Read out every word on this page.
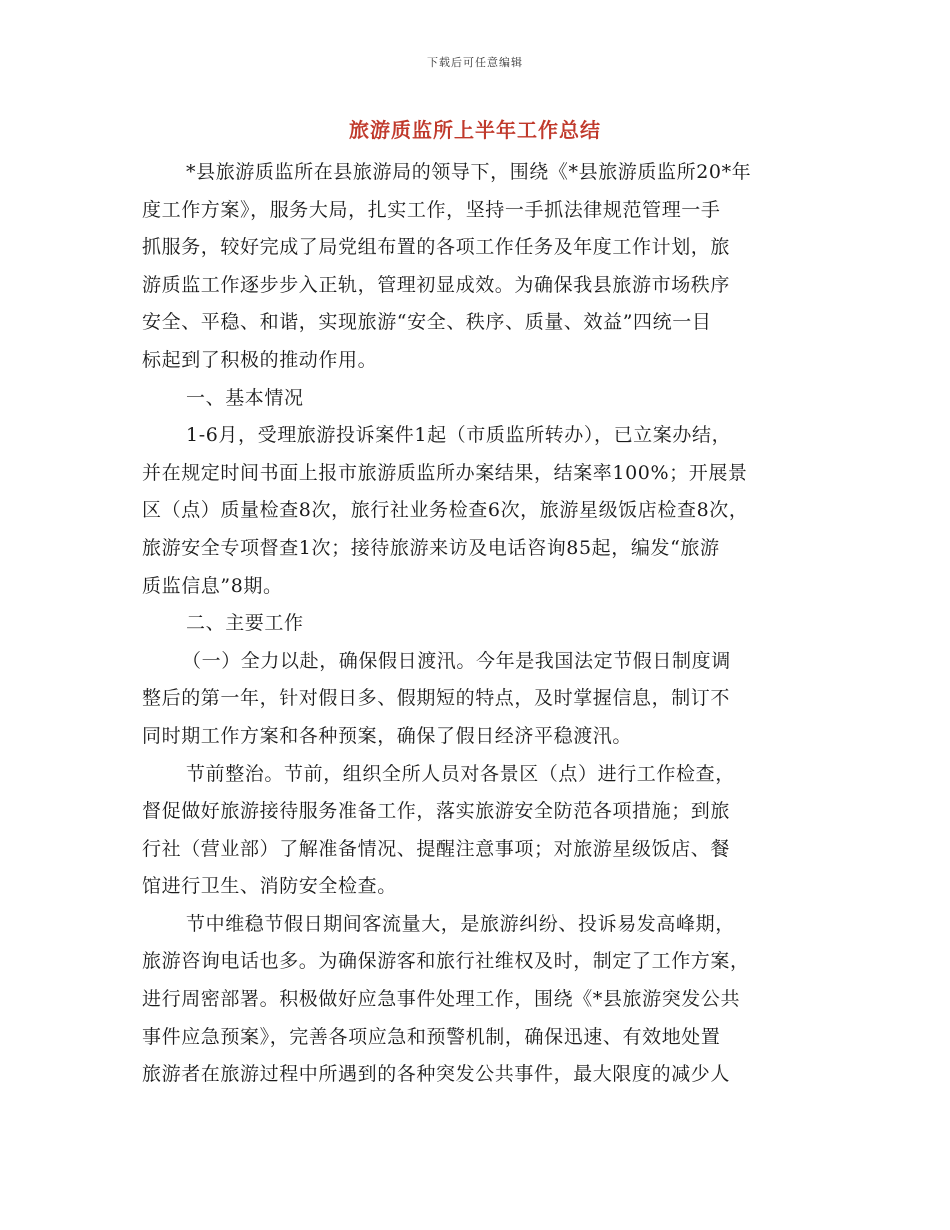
下载后可任意编辑
旅游质监所上半年工作总结
*县旅游质监所在县旅游局的领导下，围绕《*县旅游质监所20*年
度工作方案》，服务大局，扎实工作，坚持一手抓法律规范管理一手
抓服务，较好完成了局党组布置的各项工作任务及年度工作计划，旅
游质监工作逐步步入正轨，管理初显成效。为确保我县旅游市场秩序
安全、平稳、和谐，实现旅游“安全、秩序、质量、效益”四统一目
标起到了积极的推动作用。
一、基本情况
1-6月，受理旅游投诉案件1起（市质监所转办），已立案办结，
并在规定时间书面上报市旅游质监所办案结果，结案率100%；开展景
区（点）质量检查8次，旅行社业务检查6次，旅游星级饭店检查8次，
旅游安全专项督查1次；接待旅游来访及电话咨询85起，编发“旅游
质监信息”8期。
二、主要工作
（一）全力以赴，确保假日渡汛。今年是我国法定节假日制度调
整后的第一年，针对假日多、假期短的特点，及时掌握信息，制订不
同时期工作方案和各种预案，确保了假日经济平稳渡汛。
节前整治。节前，组织全所人员对各景区（点）进行工作检查，
督促做好旅游接待服务准备工作，落实旅游安全防范各项措施；到旅
行社（营业部）了解准备情况、提醒注意事项；对旅游星级饭店、餐
馆进行卫生、消防安全检查。
节中维稳节假日期间客流量大，是旅游纠纷、投诉易发高峰期，
旅游咨询电话也多。为确保游客和旅行社维权及时，制定了工作方案，
进行周密部署。积极做好应急事件处理工作，围绕《*县旅游突发公共
事件应急预案》，完善各项应急和预警机制，确保迅速、有效地处置
旅游者在旅游过程中所遇到的各种突发公共事件，最大限度的减少人
